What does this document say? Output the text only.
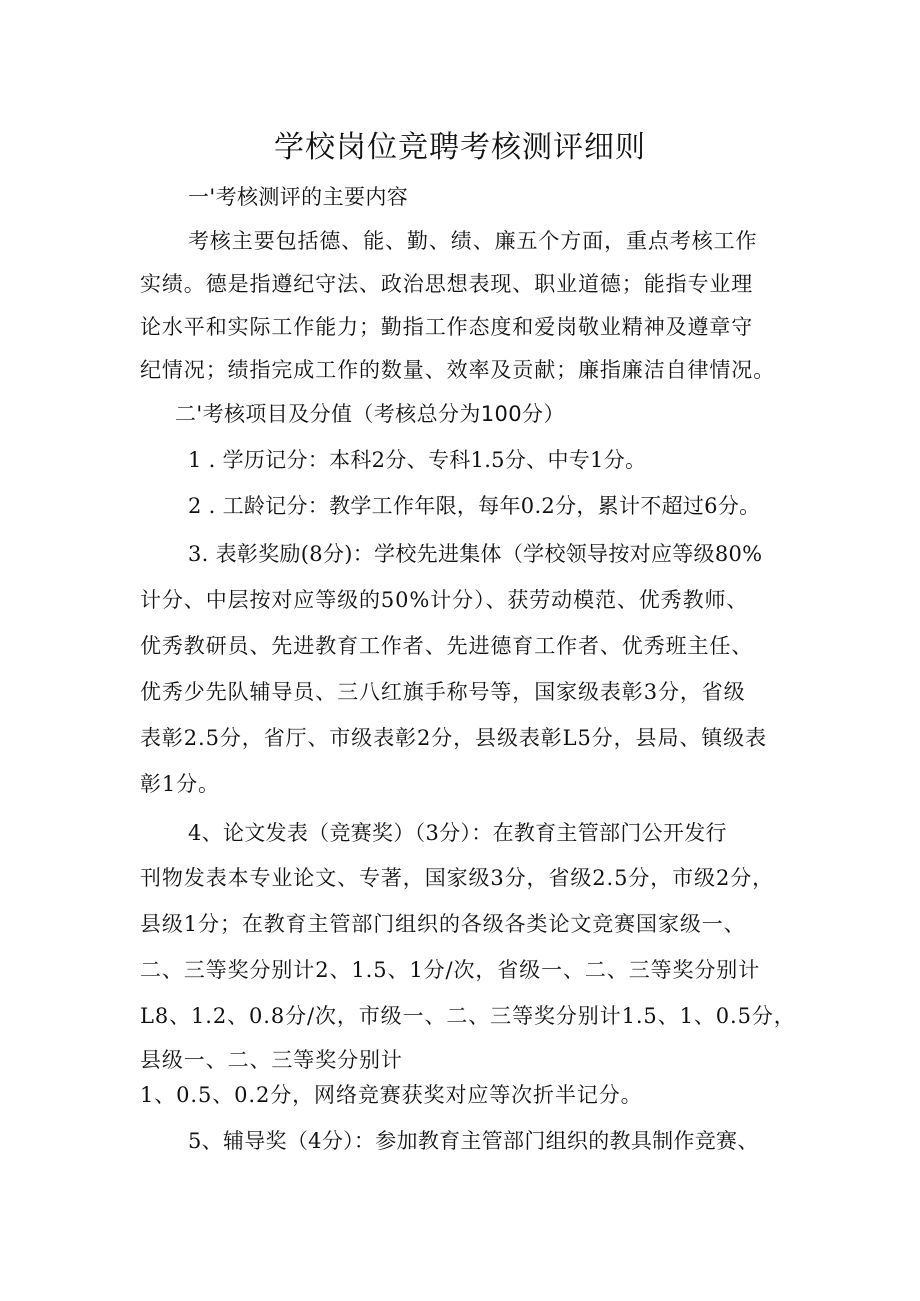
学校岗位竞聘考核测评细则
一'考核测评的主要内容
考核主要包括德、能、勤、绩、廉五个方面，重点考核工作
实绩。德是指遵纪守法、政治思想表现、职业道德；能指专业理
论水平和实际工作能力；勤指工作态度和爱岗敬业精神及遵章守
纪情况；绩指完成工作的数量、效率及贡献；廉指廉洁自律情况。
二'考核项目及分值（考核总分为100分）
1 . 学历记分：本科2分、专科1.5分、中专1分。
2 . 工龄记分：教学工作年限，每年0.2分，累计不超过6分。
3. 表彰奖励(8分)：学校先进集体（学校领导按对应等级80%
计分、中层按对应等级的50%计分）、获劳动模范、优秀教师、
优秀教研员、先进教育工作者、先进德育工作者、优秀班主任、
优秀少先队辅导员、三八红旗手称号等，国家级表彰3分，省级
表彰2.5分，省厅、市级表彰2分，县级表彰L5分，县局、镇级表
彰1分。
4、论文发表（竞赛奖）（3分）：在教育主管部门公开发行
刊物发表本专业论文、专著，国家级3分，省级2.5分，市级2分，
县级1分；在教育主管部门组织的各级各类论文竞赛国家级一、
二、三等奖分别计2、1.5、1分/次，省级一、二、三等奖分别计
L8、1.2、0.8分/次，市级一、二、三等奖分别计1.5、1、0.5分，
县级一、二、三等奖分别计
1、0.5、0.2分，网络竞赛获奖对应等次折半记分。
5、辅导奖（4分）：参加教育主管部门组织的教具制作竞赛、
